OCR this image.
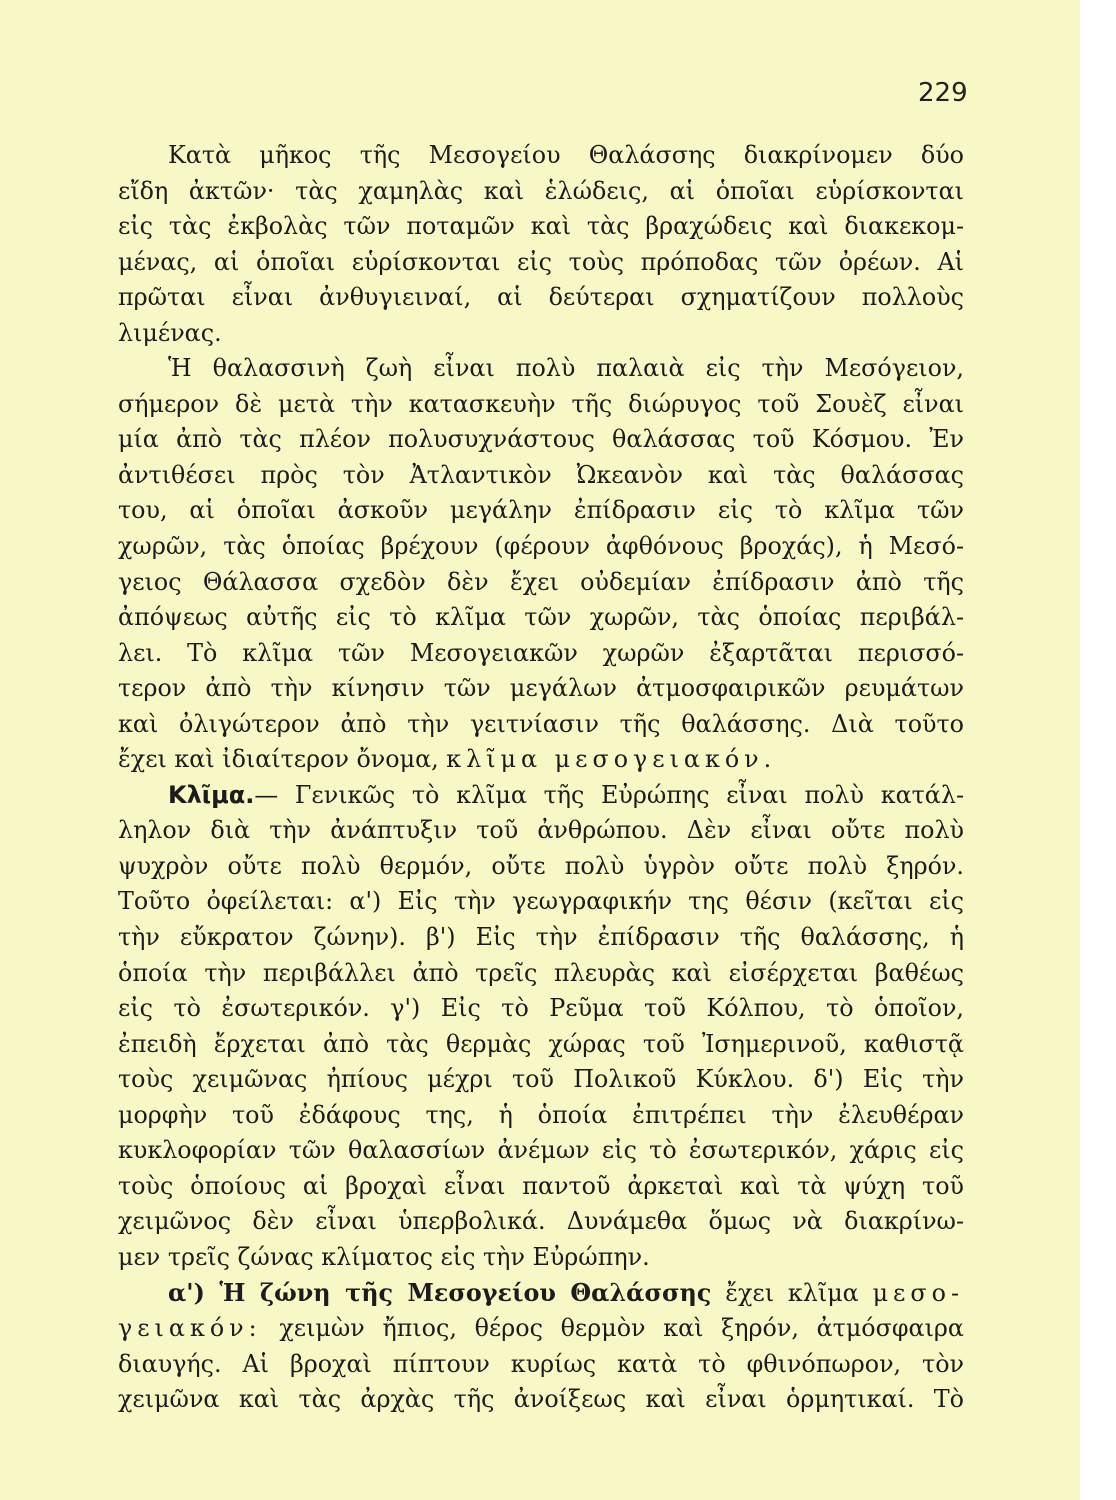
229
Κατὰ μῆκος τῆς Μεσογείου Θαλάσσης διακρίνομεν δύο
εἴδη ἀκτῶν· τὰς χαμηλὰς καὶ ἑλώδεις, αἱ ὁποῖαι εὑρίσκονται
εἰς τὰς ἐκβολὰς τῶν ποταμῶν καὶ τὰς βραχώδεις καὶ διακεκομ-
μένας, αἱ ὁποῖαι εὑρίσκονται εἰς τοὺς πρόποδας τῶν ὀρέων. Αἱ
πρῶται εἶναι ἀνθυγιειναί, αἱ δεύτεραι σχηματίζουν πολλοὺς
λιμένας.
Ἡ θαλασσινὴ ζωὴ εἶναι πολὺ παλαιὰ εἰς τὴν Μεσόγειον,
σήμερον δὲ μετὰ τὴν κατασκευὴν τῆς διώρυγος τοῦ Σουὲζ εἶναι
μία ἀπὸ τὰς πλέον πολυσυχνάστους θαλάσσας τοῦ Κόσμου. Ἐν
ἀντιθέσει πρὸς τὸν Ἀτλαντικὸν Ὠκεανὸν καὶ τὰς θαλάσσας
του, αἱ ὁποῖαι ἀσκοῦν μεγάλην ἐπίδρασιν εἰς τὸ κλῖμα τῶν
χωρῶν, τὰς ὁποίας βρέχουν (φέρουν ἀφθόνους βροχάς), ἡ Μεσό-
γειος Θάλασσα σχεδὸν δὲν ἔχει οὐδεμίαν ἐπίδρασιν ἀπὸ τῆς
ἀπόψεως αὐτῆς εἰς τὸ κλῖμα τῶν χωρῶν, τὰς ὁποίας περιβάλ-
λει. Τὸ κλῖμα τῶν Μεσογειακῶν χωρῶν ἐξαρτᾶται περισσό-
τερον ἀπὸ τὴν κίνησιν τῶν μεγάλων ἀτμοσφαιρικῶν ρευμάτων
καὶ ὀλιγώτερον ἀπὸ τὴν γειτνίασιν τῆς θαλάσσης. Διὰ τοῦτο
ἔχει καὶ ἰδιαίτερον ὄνομα, κλῖμα μεσογειακόν.
Κλῖμα.— Γενικῶς τὸ κλῖμα τῆς Εὐρώπης εἶναι πολὺ κατάλ-
ληλον διὰ τὴν ἀνάπτυξιν τοῦ ἀνθρώπου. Δὲν εἶναι οὔτε πολὺ
ψυχρὸν οὔτε πολὺ θερμόν, οὔτε πολὺ ὑγρὸν οὔτε πολὺ ξηρόν.
Τοῦτο ὀφείλεται: α') Εἰς τὴν γεωγραφικήν της θέσιν (κεῖται εἰς
τὴν εὔκρατον ζώνην). β') Εἰς τὴν ἐπίδρασιν τῆς θαλάσσης, ἡ
ὁποία τὴν περιβάλλει ἀπὸ τρεῖς πλευρὰς καὶ εἰσέρχεται βαθέως
εἰς τὸ ἐσωτερικόν. γ') Εἰς τὸ Ρεῦμα τοῦ Κόλπου, τὸ ὁποῖον,
ἐπειδὴ ἔρχεται ἀπὸ τὰς θερμὰς χώρας τοῦ Ἰσημερινοῦ, καθιστᾷ
τοὺς χειμῶνας ἠπίους μέχρι τοῦ Πολικοῦ Κύκλου. δ') Εἰς τὴν
μορφὴν τοῦ ἐδάφους της, ἡ ὁποία ἐπιτρέπει τὴν ἐλευθέραν
κυκλοφορίαν τῶν θαλασσίων ἀνέμων εἰς τὸ ἐσωτερικόν, χάρις εἰς
τοὺς ὁποίους αἱ βροχαὶ εἶναι παντοῦ ἀρκεταὶ καὶ τὰ ψύχη τοῦ
χειμῶνος δὲν εἶναι ὑπερβολικά. Δυνάμεθα ὅμως νὰ διακρίνω-
μεν τρεῖς ζώνας κλίματος εἰς τὴν Εὐρώπην.
α') Ἡ ζώνη τῆς Μεσογείου Θαλάσσης ἔχει κλῖμα μεσο-
γειακόν: χειμὼν ἤπιος, θέρος θερμὸν καὶ ξηρόν, ἀτμόσφαιρα
διαυγής. Αἱ βροχαὶ πίπτουν κυρίως κατὰ τὸ φθινόπωρον, τὸν
χειμῶνα καὶ τὰς ἀρχὰς τῆς ἀνοίξεως καὶ εἶναι ὁρμητικαί. Τὸ
